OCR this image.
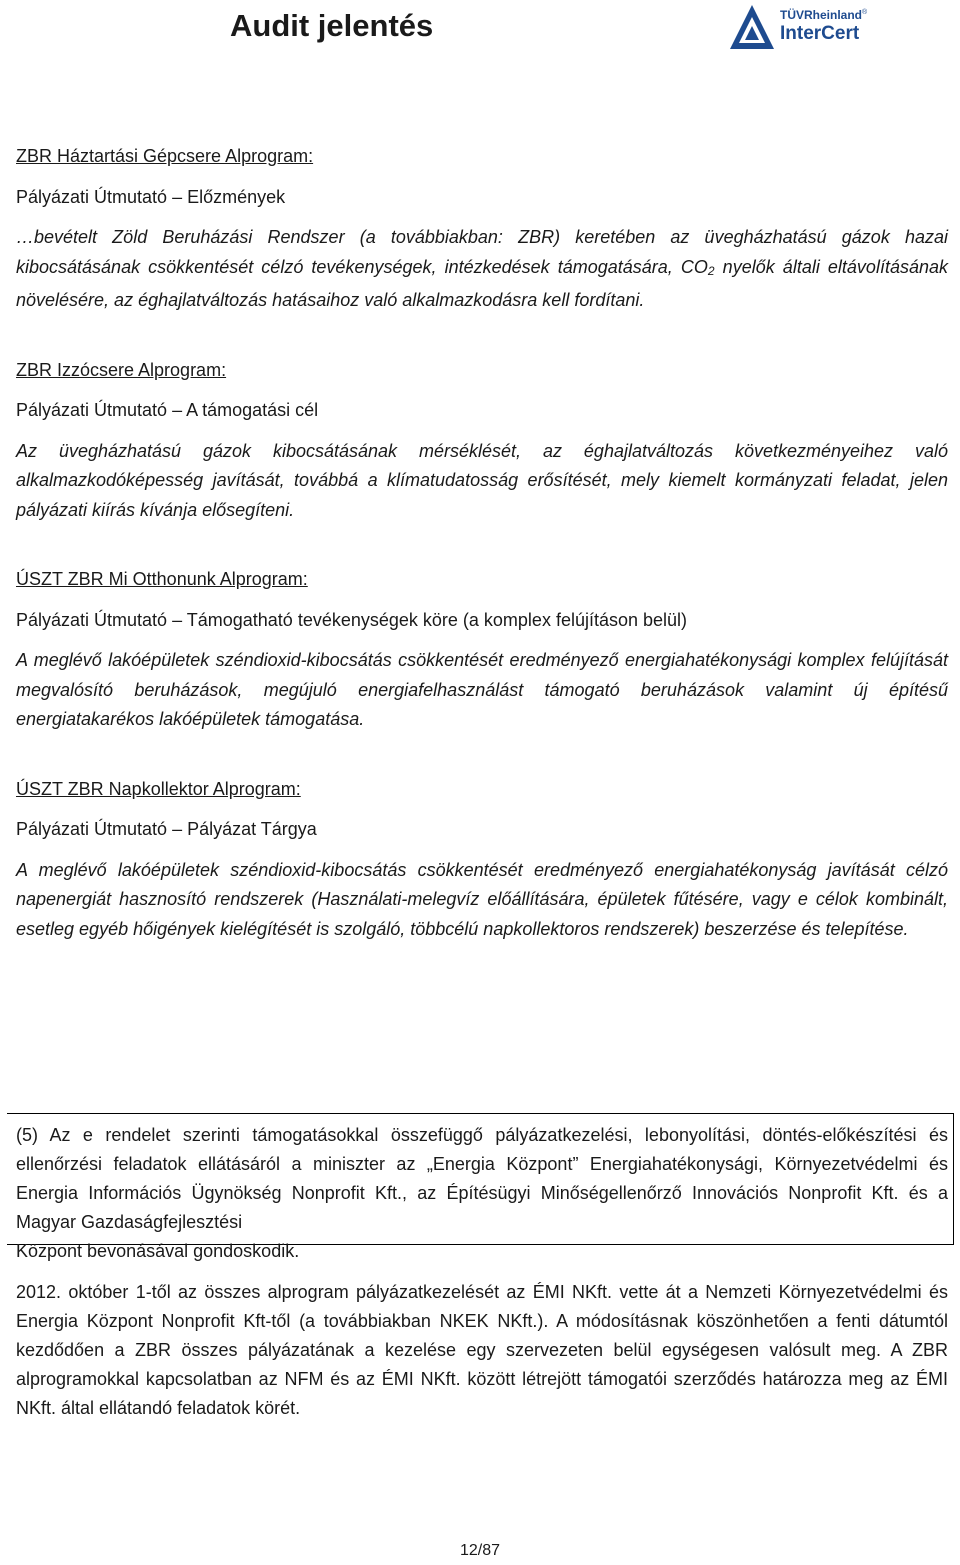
Audit jelentés	TÜVRheinland®
InterCert

ZBR Háztartási Gépcsere Alprogram:

Pályázati Útmutató – Előzmények

…bevételt Zöld Beruházási Rendszer (a továbbiakban: ZBR) keretében az üvegházhatású gázok hazai kibocsátásának csökkentését célzó tevékenységek, intézkedések támogatására, $CO_2$ nyelők általi eltávolításának növelésére, az éghajlatváltozás hatásaihoz való alkalmazkodásra kell fordítani.

ZBR Izzócsere Alprogram:

Pályázati Útmutató – A támogatási cél

Az üvegházhatású gázok kibocsátásának mérséklését, az éghajlatváltozás következményeihez való alkalmazkodóképesség javítását, továbbá a klímatudatosság erősítését, mely kiemelt kormányzati feladat, jelen pályázati kiírás kívánja elősegíteni.

ÚSZT ZBR Mi Otthonunk Alprogram:

Pályázati Útmutató – Támogatható tevékenységek köre (a komplex felújításon belül)

A meglévő lakóépületek széndioxid-kibocsátás csökkentését eredményező energiahatékonysági komplex felújítását megvalósító beruházások, megújuló energiafelhasználást támogató beruházások valamint új építésű energiatakarékos lakóépületek támogatása.

ÚSZT ZBR Napkollektor Alprogram:

Pályázati Útmutató – Pályázat Tárgya

A meglévő lakóépületek széndioxid-kibocsátás csökkentését eredményező energiahatékonyság javítását célzó napenergiát hasznosító rendszerek (Használati-melegvíz előállítására, épületek fűtésére, vagy e célok kombinált, esetleg egyéb hőigények kielégítését is szolgáló, többcélú napkollektoros rendszerek) beszerzése és telepítése.

(5) Az e rendelet szerinti támogatásokkal összefüggő pályázatkezelési, lebonyolítási, döntés-előkészítési és ellenőrzési feladatok ellátásáról a miniszter az „Energia Központ” Energiahatékonysági, Környezetvédelmi és Energia Információs Ügynökség Nonprofit Kft., az Építésügyi Minőségellenőrző Innovációs Nonprofit Kft. és a Magyar Gazdaságfejlesztési
Központ bevonásával gondoskodik.
2012. október 1-től az összes alprogram pályázatkezelését az ÉMI NKft. vette át a Nemzeti Környezetvédelmi és Energia Központ Nonprofit Kft-től (a továbbiakban NKEK NKft.). A módosításnak köszönhetően a fenti dátumtól kezdődően a ZBR összes pályázatának a kezelése egy szervezeten belül egységesen valósult meg. A ZBR alprogramokkal kapcsolatban az NFM és az ÉMI NKft. között létrejött támogatói szerződés határozza meg az ÉMI NKft. által ellátandó feladatok körét.
12/87
